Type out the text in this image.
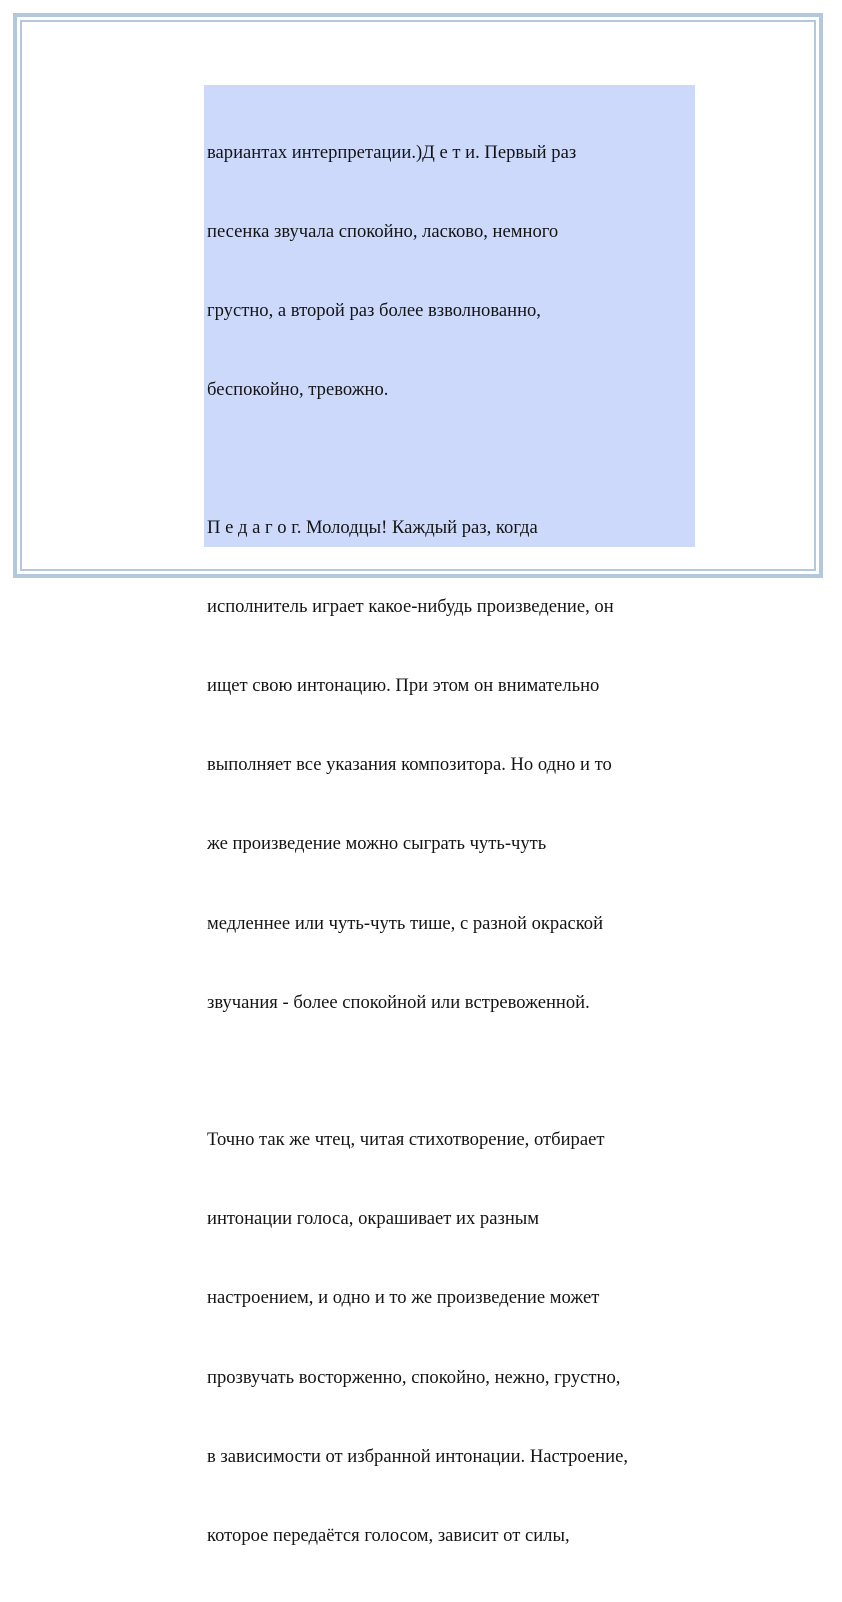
вариантах интерпретации.)Д е т и. Первый раз

песенка звучала спокойно, ласково, немного

грустно, а второй раз более взволнованно,

беспокойно, тревожно.

П е д а г о г. Молодцы! Каждый раз, когда

исполнитель играет какое-нибудь произведение, он

ищет свою интонацию. При этом он внимательно

выполняет все указания композитора. Но одно и то

же произведение можно сыграть чуть-чуть

медленнее или чуть-чуть тише, с разной окраской

звучания - более спокойной или встревоженной.

Точно так же чтец, читая стихотворение, отбирает

интонации голоса, окрашивает их разным

настроением, и одно и то же произведение может

прозвучать восторженно, спокойно, нежно, грустно,

в зависимости от избранной интонации. Настроение,

которое передаётся голосом, зависит от силы,
